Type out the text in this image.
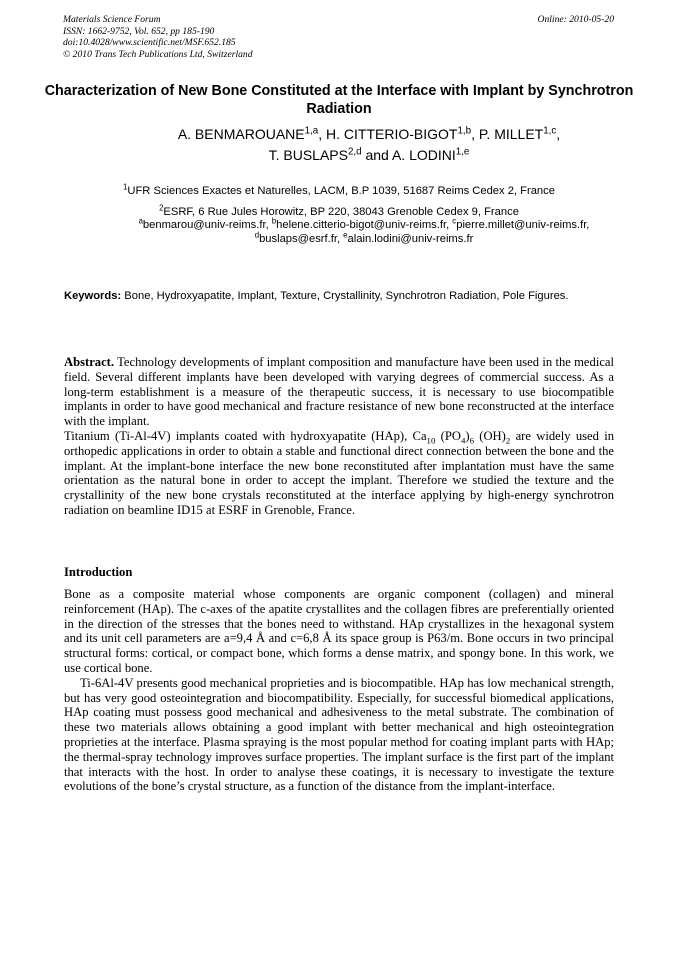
Materials Science Forum
ISSN: 1662-9752, Vol. 652, pp 185-190
doi:10.4028/www.scientific.net/MSF.652.185
© 2010 Trans Tech Publications Ltd, Switzerland
Online: 2010-05-20
Characterization of New Bone Constituted at the Interface with Implant by Synchrotron Radiation
A. BENMAROUANE$^{1,a}$, H. CITTERIO-BIGOT$^{1,b}$, P. MILLET$^{1,c}$,
T. BUSLAPS$^{2,d}$ and A. LODINI$^{1,e}$
$^1$UFR Sciences Exactes et Naturelles, LACM, B.P 1039, 51687 Reims Cedex 2, France
$^2$ESRF, 6 Rue Jules Horowitz, BP 220, 38043 Grenoble Cedex 9, France
$^a$benmarou@univ-reims.fr, $^b$helene.citterio-bigot@univ-reims.fr, $^c$pierre.millet@univ-reims.fr,
$^d$buslaps@esrf.fr, $^e$alain.lodini@univ-reims.fr
Keywords: Bone, Hydroxyapatite, Implant, Texture, Crystallinity, Synchrotron Radiation, Pole Figures.

Abstract. Technology developments of implant composition and manufacture have been used in the medical field. Several different implants have been developed with varying degrees of commercial success. As a long-term establishment is a measure of the therapeutic success, it is necessary to use biocompatible implants in order to have good mechanical and fracture resistance of new bone reconstructed at the interface with the implant.

Titanium (Ti-Al-4V) implants coated with hydroxyapatite (HAp), $Ca_{10}$ $(PO_4)_6$ $(OH)_2$ are widely used in orthopedic applications in order to obtain a stable and functional direct connection between the bone and the implant. At the implant-bone interface the new bone reconstituted after implantation must have the same orientation as the natural bone in order to accept the implant. Therefore we studied the texture and the crystallinity of the new bone crystals reconstituted at the interface applying by high-energy synchrotron radiation on beamline ID15 at ESRF in Grenoble, France.

Introduction

Bone as a composite material whose components are organic component (collagen) and mineral reinforcement (HAp). The c-axes of the apatite crystallites and the collagen fibres are preferentially oriented in the direction of the stresses that the bones need to withstand. HAp crystallizes in the hexagonal system and its unit cell parameters are a=9,4 Å and c=6,8 Å its space group is P63/m. Bone occurs in two principal structural forms: cortical, or compact bone, which forms a dense matrix, and spongy bone. In this work, we use cortical bone.

Ti-6Al-4V presents good mechanical proprieties and is biocompatible. HAp has low mechanical strength, but has very good osteointegration and biocompatibility. Especially, for successful biomedical applications, HAp coating must possess good mechanical and adhesiveness to the metal substrate. The combination of these two materials allows obtaining a good implant with better mechanical and high osteointegration proprieties at the interface. Plasma spraying is the most popular method for coating implant parts with HAp; the thermal-spray technology improves surface properties. The implant surface is the first part of the implant that interacts with the host. In order to analyse these coatings, it is necessary to investigate the texture evolutions of the bone’s crystal structure, as a function of the distance from the implant-interface.
